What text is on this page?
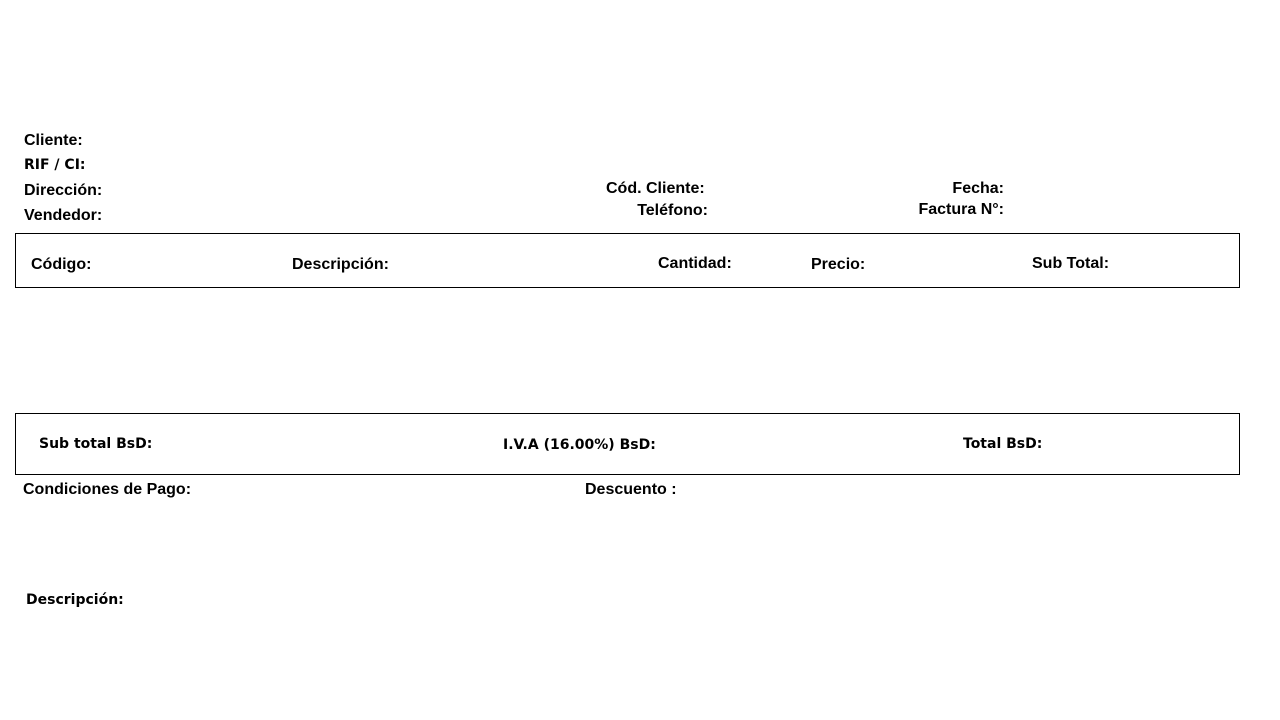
Cliente:
RIF / CI:
Dirección:
Vendedor:
Cód. Cliente:
Teléfono:
Fecha:
Factura N°:
Código:	Descripción:	Cantidad:	Precio:	Sub Total:
Sub total BsD:	I.V.A (16.00%) BsD:	Total BsD:
Condiciones de Pago:	Descuento :
Descripción:
